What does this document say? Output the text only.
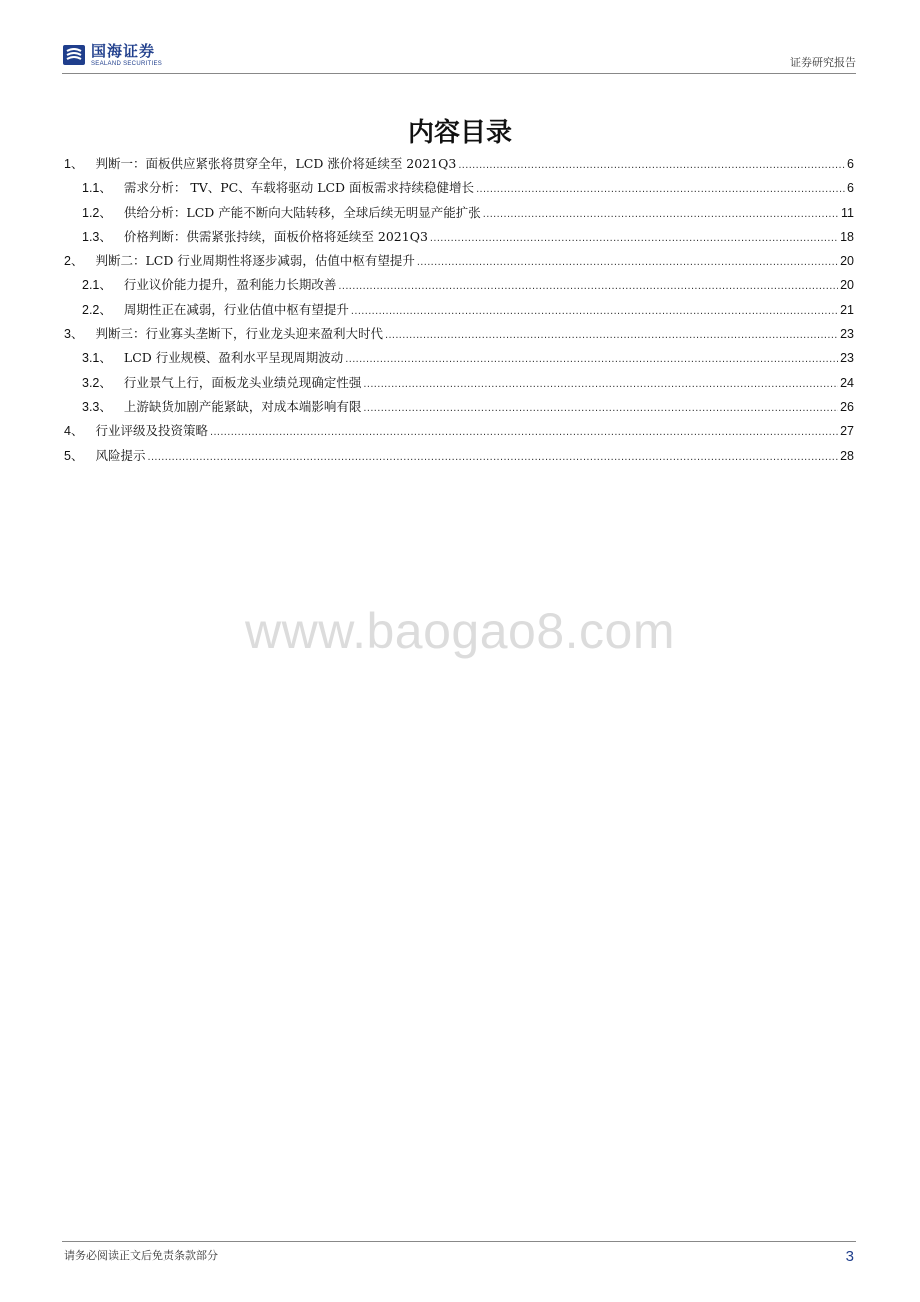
国海证券
SEALAND SECURITIES	证券研究报告
内容目录
1 、 判断一：面板供应紧张将贯穿全年，LCD 涨价将延续至 2021Q3 .....	6
1.1 、 需求分析： TV、PC、车载将驱动 LCD 面板需求持续稳健增长 .....	6
1.2 、 供给分析：LCD 产能不断向大陆转移，全球后续无明显产能扩张 .....	11
1.3 、 价格判断：供需紧张持续，面板价格将延续至 2021Q3 .....	18
2 、 判断二：LCD 行业周期性将逐步减弱，估值中枢有望提升 .....	20
2.1 、 行业议价能力提升，盈利能力长期改善 .....	20
2.2 、 周期性正在减弱，行业估值中枢有望提升 .....	21
3 、 判断三：行业寡头垄断下，行业龙头迎来盈利大时代 .....	23
3.1 、 LCD 行业规模、盈利水平呈现周期波动 .....	23
3.2 、 行业景气上行，面板龙头业绩兑现确定性强 .....	24
3.3 、 上游缺货加剧产能紧缺，对成本端影响有限 .....	26
4 、 行业评级及投资策略 .....	27
5 、 风险提示 .....	28
www.baogao8.com
请务必阅读正文后免责条款部分	3
